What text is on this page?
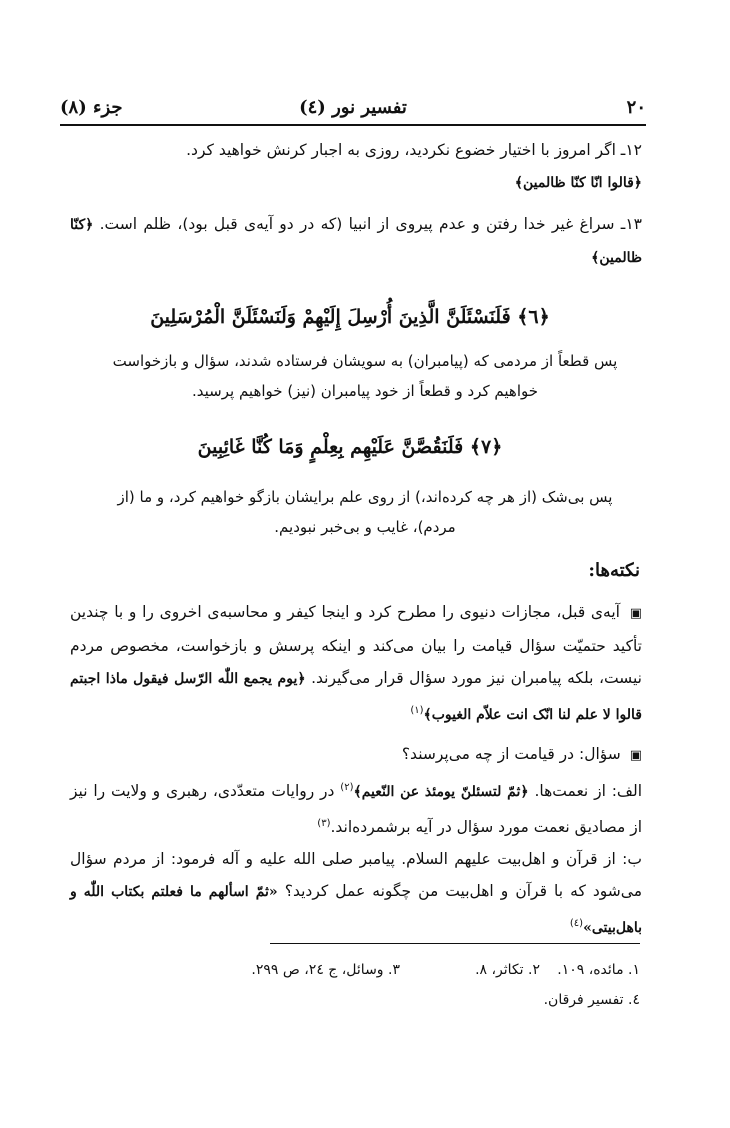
۲۰
تفسیر نور (٤)
جزء (٨)
١٢ـ اگر امروز با اختیار خضوع نکردید، روزی به اجبار کرنش خواهید کرد.
﴿قالوا انّا کنّا ظالمین﴾
١٣ـ سراغ غیر خدا رفتن و عدم پیروی از انبیا (که در دو آیه‌ی قبل بود)، ظلم است. ﴿کنّا ظالمین﴾
﴿٦﴾ فَلَنَسْئَلَنَّ الَّذِينَ أُرْسِلَ إِلَيْهِمْ وَلَنَسْئَلَنَّ الْمُرْسَلِينَ
پس قطعاً از مردمی که (پیامبران) به سویشان فرستاده شدند، سؤال و بازخواست خواهیم کرد و قطعاً از خود پیامبران (نیز) خواهیم پرسید.
﴿٧﴾ فَلَنَقُصَّنَّ عَلَيْهِم بِعِلْمٍ وَمَا كُنَّا غَائِبِينَ
پس بی‌شک (از هر چه کرده‌اند،) از روی علم برایشان بازگو خواهیم کرد، و ما (از مردم)، غایب و بی‌خبر نبودیم.
نکته‌ها:
▣ آیه‌ی قبل، مجازات دنیوی را مطرح کرد و اینجا کیفر و محاسبه‌ی اخروی را و با چندین تأکید حتمیّت سؤال قیامت را بیان می‌کند و اینکه پرسش و بازخواست، مخصوص مردم نیست، بلکه پیامبران نیز مورد سؤال قرار می‌گیرند. ﴿یوم یجمع اللّٰه الرّسل فیقول ماذا اجبتم قالوا لا علم لنا انّک انت علاّم الغیوب﴾$^{(١)}$
▣ سؤال: در قیامت از چه می‌پرسند؟
الف: از نعمت‌ها. ﴿ثمّ لتسئلنّ یومئذ عن النّعیم﴾$^{(٢)}$ در روایات متعدّدی، رهبری و ولایت را نیز از مصادیق نعمت مورد سؤال در آیه برشمرده‌اند.$^{(٣)}$
ب: از قرآن و اهل‌بیت علیهم السلام. پیامبر صلی الله علیه و آله فرمود: از مردم سؤال می‌شود که با قرآن و اهل‌بیت من چگونه عمل کردید؟ «ثمّ اسألهم ما فعلتم بکتاب اللّٰه و باهل‌بیتی»$^{(٤)}$
١. مائده، ١٠٩.
٢. تکاثر، ٨.
٣. وسائل، ج ٢٤، ص ٢٩٩.
٤. تفسیر فرقان.
